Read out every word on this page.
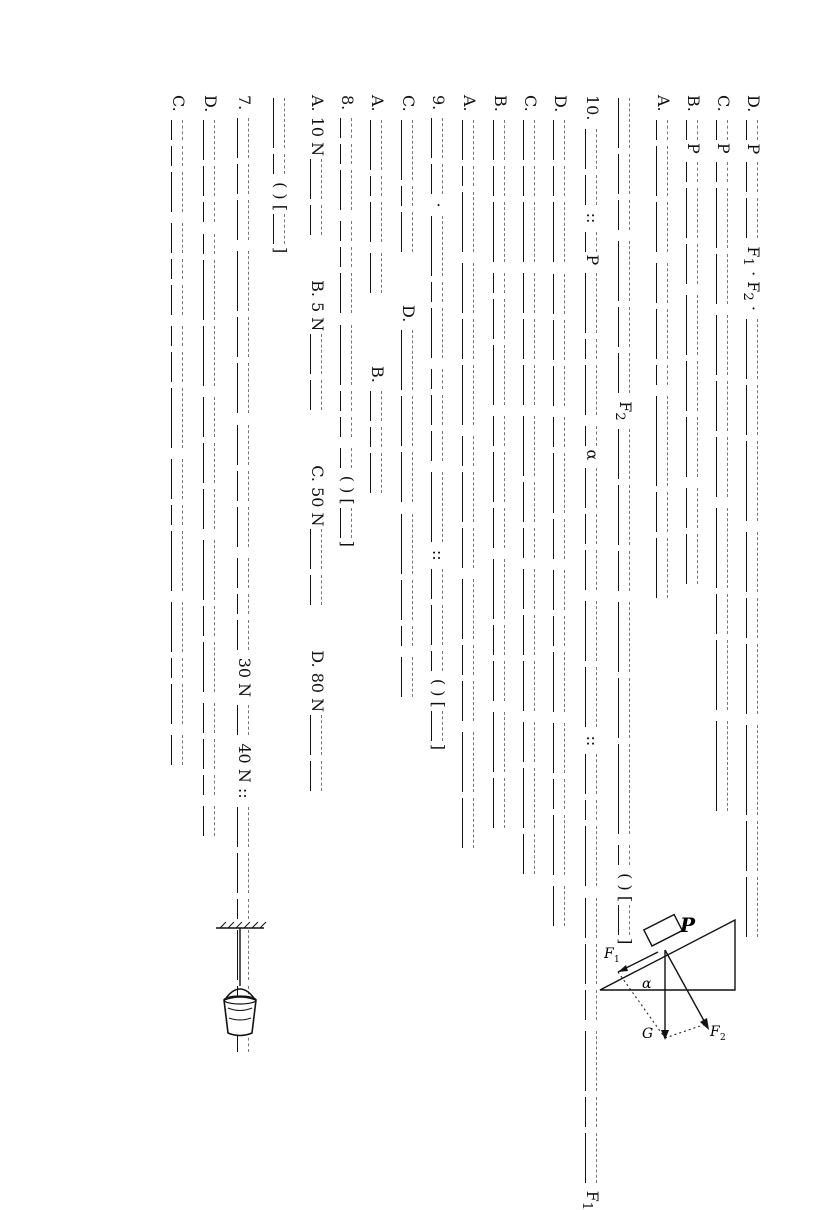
D. P  $F_1 \cdot F_2$ ·
C. P
B. P
A.
$F_2$    ( ) []
10.  :: P  α   ::    $F_1$
D.
C.
B.
A.
9.  ·    ::  ( ) []
C.   D.
A.    B.
8.     ( ) []
A. 10 N B. 5 N C. 50 N D. 80 N
( ) []
7.     30 N  40 N ::
D.
C.
P
F 1
α
G	F 2
